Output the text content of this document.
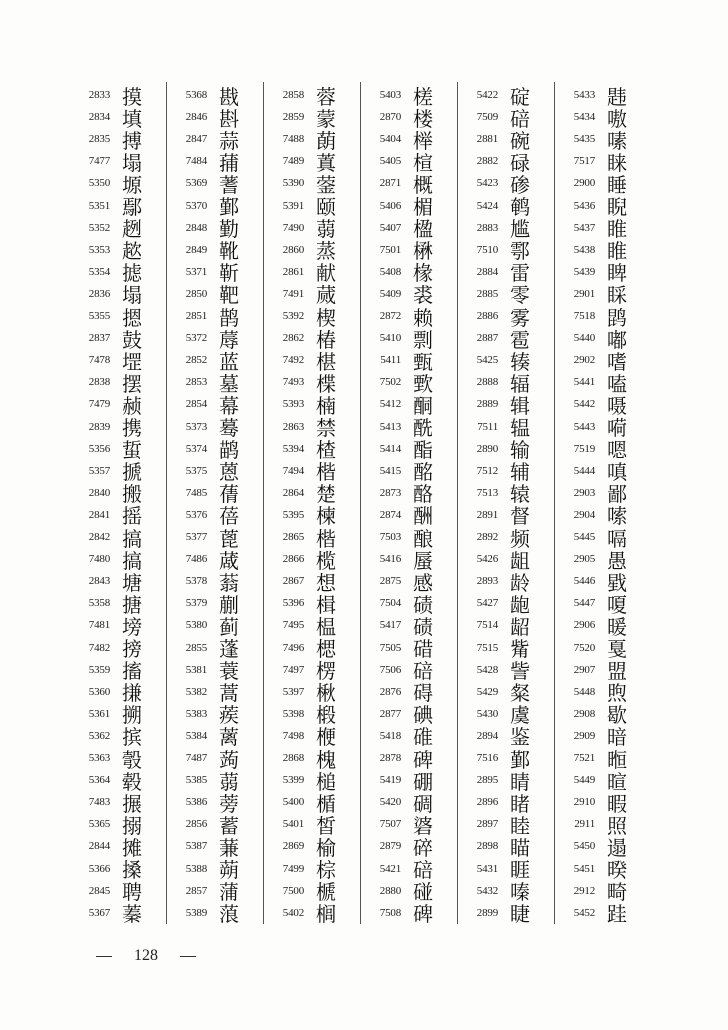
2833 摸
2834 填
2835 搏
7477 塌
5350 塬
5351 鄢
5352 趔
5353 趑
5354 摅
2836 塌
5355 摁
2837 鼓
7478 堽
2838 摆
7479 赪
2839 携
5356 蜇
5357 搋
2840 搬
2841 摇
2842 搞
7480 搞
2843 塘
5358 搪
7481 塝
7482 搒
5359 搐
5360 搛
5361 搠
5362 摈
5363 彀
5364 毂
7483 搌
5365 搦
2844 摊
5366 搡
2845 聘
5367 蓁
5368 戡
2846 斟
2847 蒜
7484 蒱
5369 蓍
5370 鄞
2848 勤
2849 靴
5371 靳
2850 靶
2851 鹊
5372 蓐
2852 蓝
2853 墓
2854 幕
5373 蓦
5374 鹋
5375 蒽
7485 蒨
5376 蓓
5377 蓖
7486 蒧
5378 蓊
5379 蒯
5380 蓟
2855 蓬
5381 蓑
5382 蒿
5383 蒺
5384 蓠
7487 蒟
5385 蒻
5386 蒡
2856 蓄
5387 蒹
5388 蒴
2857 蒲
5389 蒗
2858 蓉
2859 蒙
7488 蓢
7489 蒖
5390 蓥
5391 颐
7490 蒻
2860 蒸
2861 献
7491 蒇
5392 楔
2862 椿
7492 椹
7493 楪
5393 楠
2863 禁
5394 楂
7494 楷
2864 楚
5395 楝
2865 楷
2866 榄
2867 想
5396 楫
7495 榅
7496 楒
7497 楞
5397 楸
5398 椴
7498 楩
2868 槐
5399 槌
5400 楯
5401 皙
2869 榆
7499 棕
7500 榹
5402 榈
5403 槎
2870 楼
5404 榉
5405 楦
2871 概
5406 楣
5407 楹
7501 楙
5408 椽
5409 裘
2872 赖
5410 剽
5411 甄
7502 歅
5412 酮
5413 酰
5414 酯
5415 酩
2873 酪
2874 酬
7503 酿
5416 蜃
2875 感
7504 碛
5417 碛
7505 碏
7506 碚
2876 碍
2877 碘
5418 碓
2878 碑
5419 硼
5420 碉
7507 碆
2879 碎
5421 碚
2880 碰
7508 碑
5422 碇
7509 碚
2881 碗
2882 碌
5423 碜
5424 鹌
2883 尴
7510 鄠
2884 雷
2885 零
2886 雾
2887 雹
5425 辏
2888 辐
2889 辑
7511 辒
2890 输
7512 辅
7513 辕
2891 督
2892 频
5426 龃
2893 龄
5427 龅
7514 龆
7515 觜
5428 訾
5429 粲
5430 虞
2894 鉴
7516 鄞
2895 睛
2896 睹
2897 睦
2898 瞄
5431 睚
5432 嗪
2899 睫
5433 韪
5434 嗷
5435 嗉
7517 睐
2900 睡
5436 睨
5437 睢
5438 睢
5439 睥
2901 睬
7518 鹍
5440 嘟
2902 嗜
5441 嗑
5442 嗫
5443 嗬
7519 嗯
5444 嗔
2903 鄙
2904 嗦
5445 嗝
2905 愚
5446 戥
5447 嗄
2906 暖
7520 戛
2907 盟
5448 煦
2908 歇
2909 暗
7521 暅
5449 暄
2910 暇
2911 照
5450 遢
5451 暌
2912 畸
5452 跬
128
